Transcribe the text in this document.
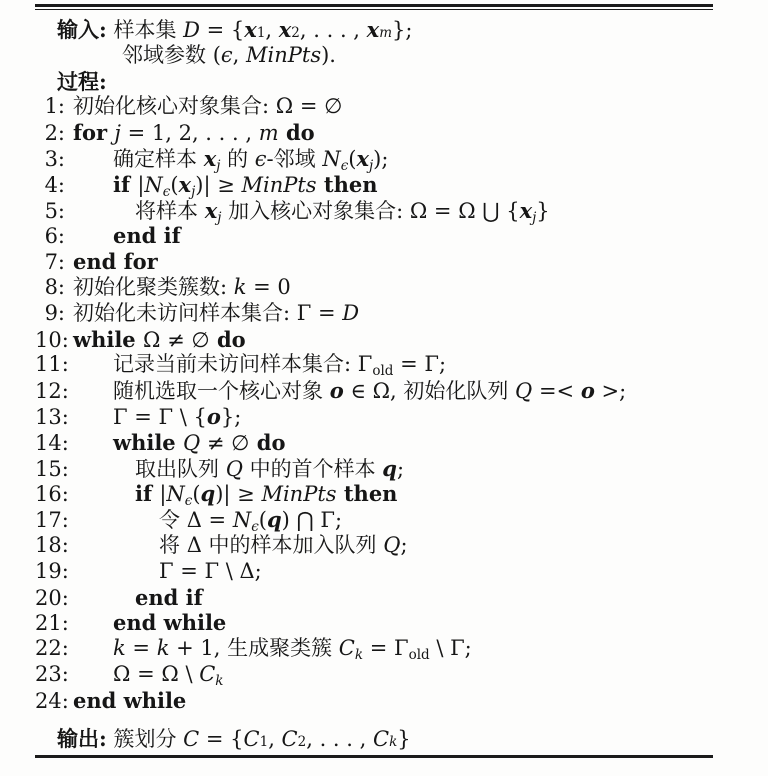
输入: 样本集 D = { x 1 , x 2 , . . . , x m };
邻域参数 ( ϵ , MinPts ).
过程:
1: 初始化核心对象集合: Ω = ∅
2: for j = 1, 2, . . . , m do
3:	确定样本 $x_j$ 的 ϵ-邻域 $N_\epsilon(x_j)$;
4:	if $|N_\epsilon(x_j)|$ ≥ MinPts then
5:	将样本 $x_j$ 加入核心对象集合: Ω = Ω ⋃ $\{x_j\}$
6:	end if
7: end for
8: 初始化聚类簇数: k = 0
9: 初始化未访问样本集合: Γ = D
10: while Ω ≠ ∅ do
11:	记录当前未访问样本集合: $\Gamma_{old} = \Gamma$;
12:	随机选取一个核心对象 o ∈ Ω, 初始化队列 Q =< o >;
13:	Γ = Γ \ {o};
14:	while Q ≠ ∅ do
15:	取出队列 Q 中的首个样本 q;
16:	if $|N_\epsilon(q)|$ ≥ MinPts then
17:	令 $\Delta = N_\epsilon(q)$ ⋂ Γ;
18:	将 Δ 中的样本加入队列 Q;
19:	Γ = Γ \ Δ;
20:	end if
21:	end while
22:	k = k + 1, 生成聚类簇 $C_k = \Gamma_{old}$ \ Γ;
23:	Ω = Ω \ $C_k$
24: end while
输出: 簇划分 C = { C 1 , C 2 , . . . , C k }
